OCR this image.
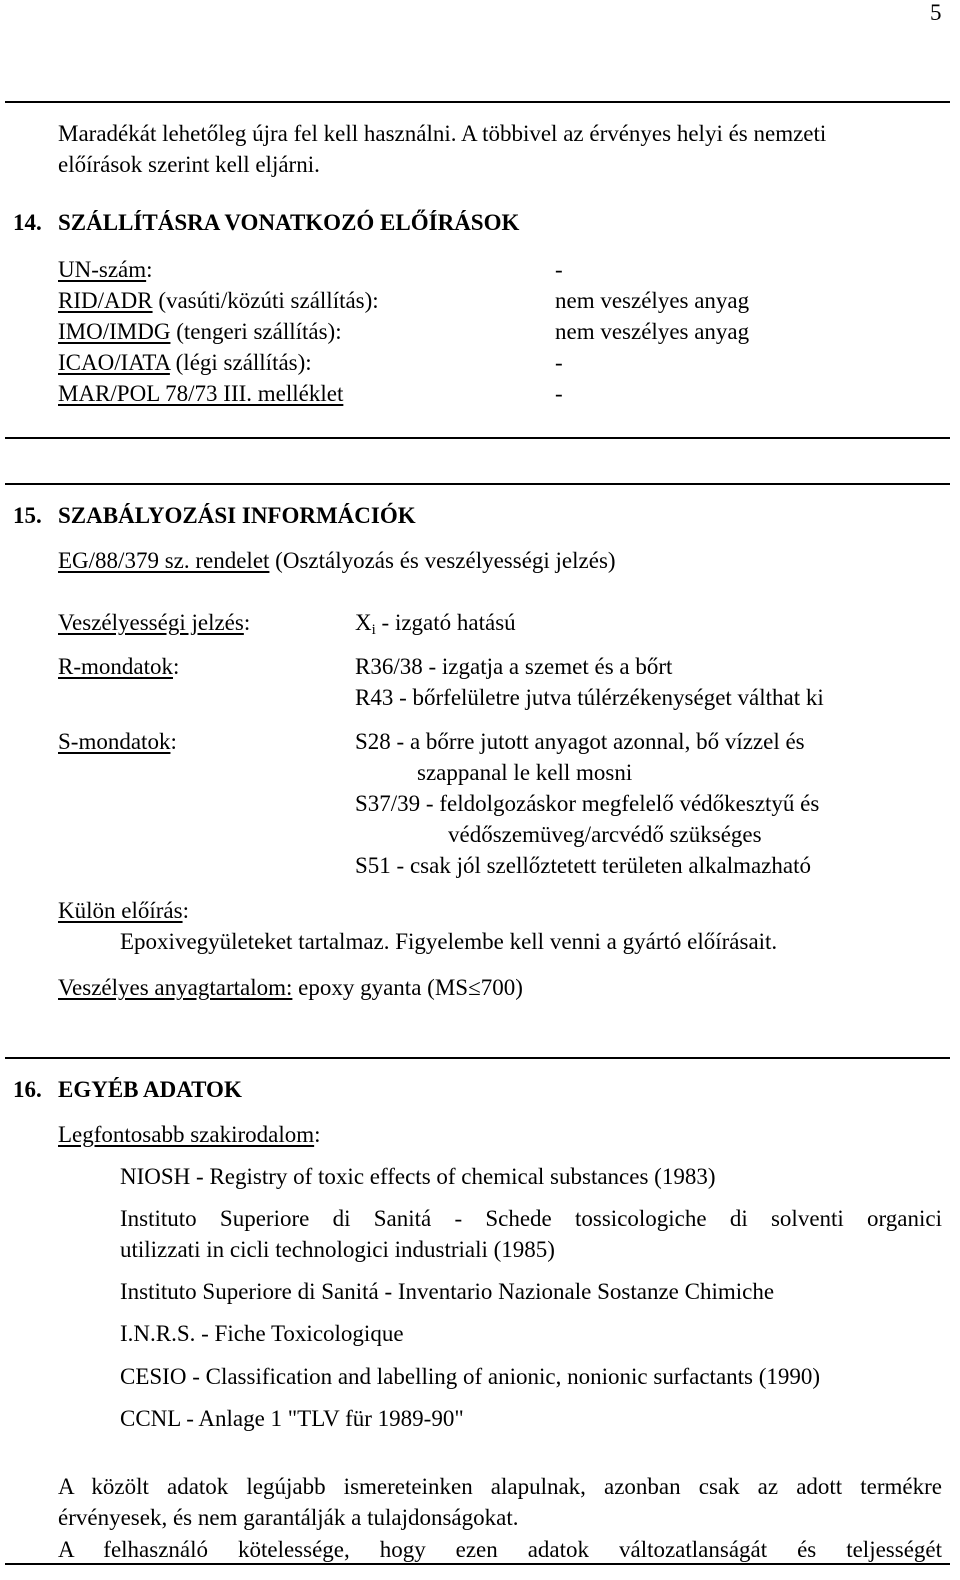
5
Maradékát lehetőleg újra fel kell használni. A többivel az érvényes helyi és nemzeti
előírások szerint kell eljárni.
14. SZÁLLÍTÁSRA VONATKOZÓ ELŐÍRÁSOK
UN-szám:	-
RID/ADR (vasúti/közúti szállítás):	nem veszélyes anyag
IMO/IMDG (tengeri szállítás):	nem veszélyes anyag
ICAO/IATA (légi szállítás):	-
MAR/POL 78/73 III. melléklet	-
15. SZABÁLYOZÁSI INFORMÁCIÓK
EG/88/379 sz. rendelet (Osztályozás és veszélyességi jelzés)
Veszélyességi jelzés:	$X_i$ - izgató hatású
R-mondatok:	R36/38 - izgatja a szemet és a bőrt
R43 - bőrfelületre jutva túlérzékenységet válthat ki
S-mondatok:	S28 - a bőrre jutott anyagot azonnal, bő vízzel és
szappanal le kell mosni
S37/39 - feldolgozáskor megfelelő védőkesztyű és
védőszemüveg/arcvédő szükséges
S51 - csak jól szellőztetett területen alkalmazható
Külön előírás:
Epoxivegyületeket tartalmaz. Figyelembe kell venni a gyártó előírásait.
Veszélyes anyagtartalom: epoxy gyanta (MS≤700)
16. EGYÉB ADATOK
Legfontosabb szakirodalom:
NIOSH - Registry of toxic effects of chemical substances (1983)
Instituto Superiore di Sanitá - Schede tossicologiche di solventi organici
utilizzati in cicli technologici industriali (1985)
Instituto Superiore di Sanitá - Inventario Nazionale Sostanze Chimiche
I.N.R.S. - Fiche Toxicologique
CESIO - Classification and labelling of anionic, nonionic surfactants (1990)
CCNL - Anlage 1 "TLV für 1989-90"
A közölt adatok legújabb ismereteinken alapulnak, azonban csak az adott termékre
érvényesek, és nem garantálják a tulajdonságokat.
A felhasználó kötelessége, hogy ezen adatok változatlanságát és teljességét
